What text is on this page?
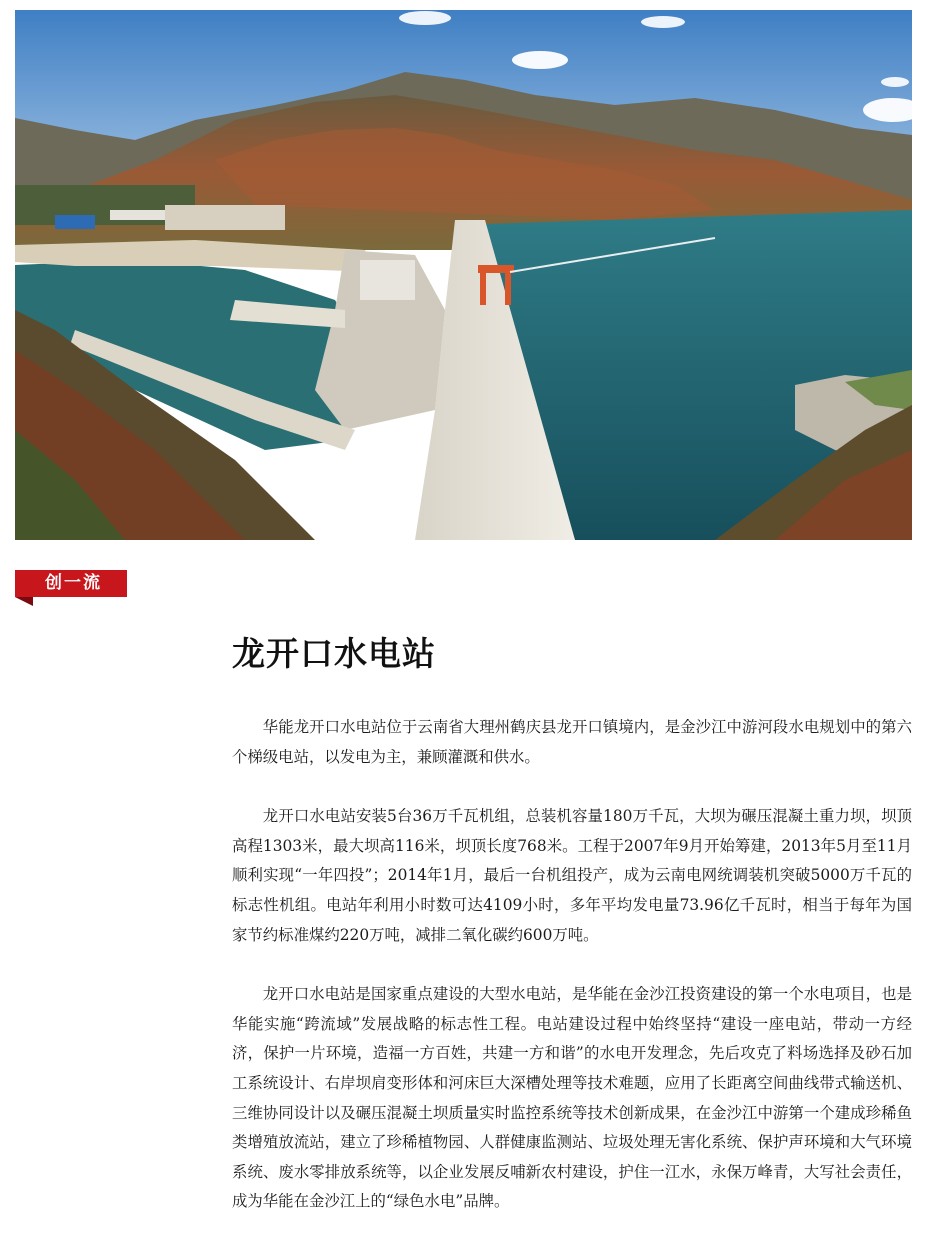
创一流
龙开口水电站

华能龙开口水电站位于云南省大理州鹤庆县龙开口镇境内，是金沙江中游河段水电规划中的第六个梯级电站，以发电为主，兼顾灌溉和供水。

龙开口水电站安装5台36万千瓦机组，总装机容量180万千瓦，大坝为碾压混凝土重力坝，坝顶高程1303米，最大坝高116米，坝顶长度768米。工程于2007年9月开始筹建，2013年5月至11月顺利实现“一年四投”；2014年1月，最后一台机组投产，成为云南电网统调装机突破5000万千瓦的标志性机组。电站年利用小时数可达4109小时，多年平均发电量73.96亿千瓦时，相当于每年为国家节约标准煤约220万吨，减排二氧化碳约600万吨。

龙开口水电站是国家重点建设的大型水电站，是华能在金沙江投资建设的第一个水电项目，也是华能实施“跨流域”发展战略的标志性工程。电站建设过程中始终坚持“建设一座电站，带动一方经济，保护一片环境，造福一方百姓，共建一方和谐”的水电开发理念，先后攻克了料场选择及砂石加工系统设计、右岸坝肩变形体和河床巨大深槽处理等技术难题，应用了长距离空间曲线带式输送机、三维协同设计以及碾压混凝土坝质量实时监控系统等技术创新成果，在金沙江中游第一个建成珍稀鱼类增殖放流站，建立了珍稀植物园、人群健康监测站、垃圾处理无害化系统、保护声环境和大气环境系统、废水零排放系统等，以企业发展反哺新农村建设，护住一江水，永保万峰青，大写社会责任，成为华能在金沙江上的“绿色水电”品牌。
